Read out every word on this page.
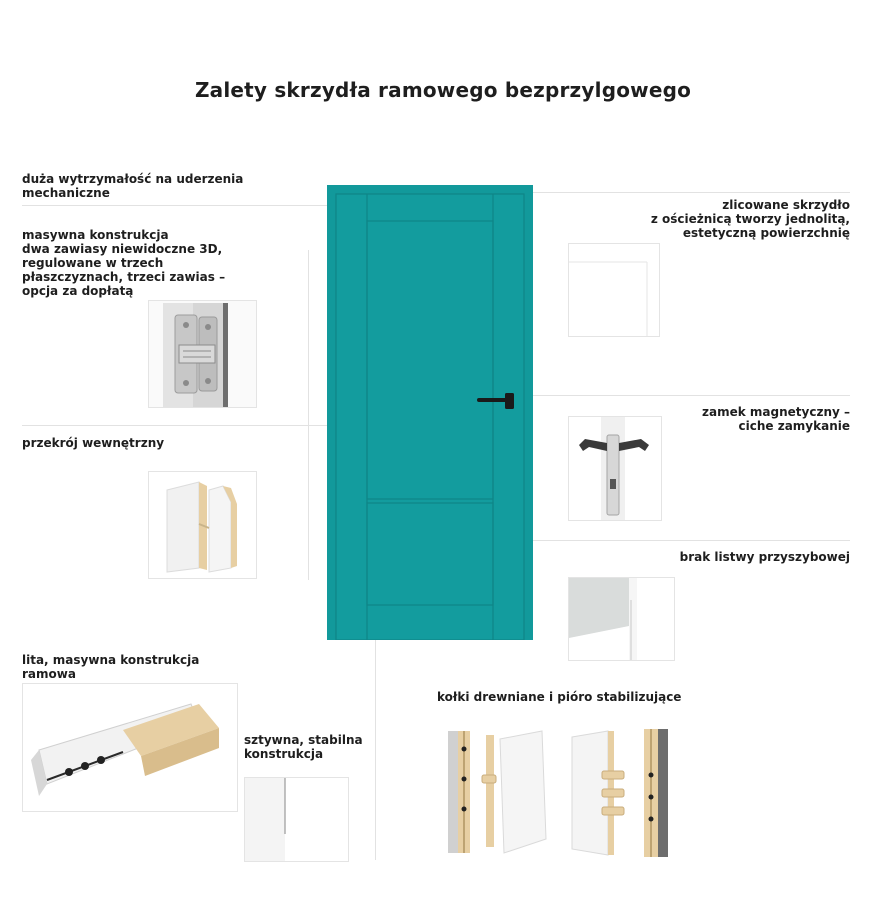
Zalety skrzydła ramowego bezprzylgowego
duża wytrzymałość na uderzenia
mechaniczne
masywna konstrukcja
dwa zawiasy niewidoczne 3D,
regulowane w trzech
płaszczyznach, trzeci zawias –
opcja za dopłatą
przekrój wewnętrzny
lita, masywna konstrukcja
ramowa
sztywna, stabilna
konstrukcja
zlicowane skrzydło
z ościeżnicą tworzy jednolitą,
estetyczną powierzchnię
zamek magnetyczny –
ciche zamykanie
brak listwy przyszybowej
kołki drewniane i pióro stabilizujące
